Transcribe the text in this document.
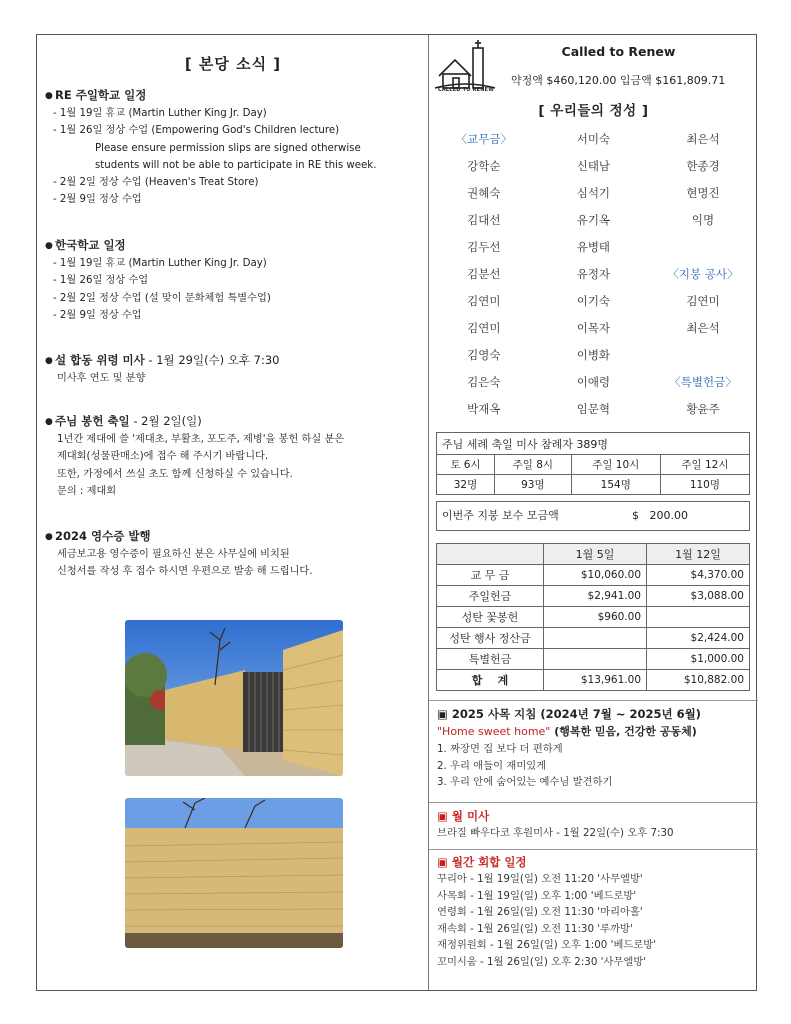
[ 본당 소식 ]
● RE 주일학교 일정
- 1월 19일 휴교 (Martin Luther King Jr. Day)
- 1월 26일 정상 수업 (Empowering God's Children lecture)
Please ensure permission slips are signed otherwise
students will not be able to participate in RE this week.
- 2월 2일 정상 수업 (Heaven's Treat Store)
- 2월 9일 정상 수업
● 한국학교 일정
- 1월 19일 휴교 (Martin Luther King Jr. Day)
- 1월 26일 정상 수업
- 2월 2일 정상 수업 (설 맞이 문화체험 특별수업)
- 2월 9일 정상 수업
● 설 합동 위령 미사 - 1월 29일(수) 오후 7:30
미사후 연도 및 분향
● 주님 봉헌 축일 - 2월 2일(일)
1년간 제대에 쓸 '제대초, 부활초, 포도주, 제병'을 봉헌 하실 분은
제대회(성물판매소)에 접수 해 주시기 바랍니다.
또한, 가정에서 쓰실 초도 함께 신청하실 수 있습니다.
문의 : 제대회
● 2024 영수증 발행
세금보고용 영수증이 필요하신 분은 사무실에 비치된
신청서를 작성 후 접수 하시면 우편으로 발송 해 드립니다.
CALLED TO RENEW
Called to Renew
약정액 $460,120.00 입금액 $161,809.71
[ 우리들의 정성 ]
〈교무금〉	서미숙	최은석
강학순	신태남	한종경
권혜숙	심석기	현명진
김대선	유기옥	익명
김두선	유병태
김분선	유정자	〈지붕 공사〉
김연미	이기숙	김연미
김연미	이목자	최은석
김영숙	이병화
김은숙	이애령	〈특별헌금〉
박재옥	임문혁	황윤주
주님 세례 축일 미사 참례자 389명			
토 6시	주일 8시	주일 10시	주일 12시
32명	93명	154명	110명
이번주 지붕 보수 모금액	$   200.00
	1월 5일	1월 12일
교 무 금	$10,060.00	$4,370.00
주일헌금	$2,941.00	$3,088.00
성탄 꽃봉헌	$960.00	
성탄 행사 정산금		$2,424.00
특별헌금		$1,000.00
합    계	$13,961.00	$10,882.00
▣ 2025 사목 지침 (2024년 7월 ~ 2025년 6월)
"Home sweet home" (행복한 믿음, 건강한 공동체)
1. 짜장면 집 보다 더 편하게
2. 우리 애들이 재미있게
3. 우리 안에 숨어있는 예수님 발견하기
▣ 월 미사
브라질 빠우다코 후원미사 - 1월 22일(수) 오후 7:30
▣ 월간 회합 일정
꾸리아 - 1월 19일(일) 오전 11:20 '사무엘방'
사목회 - 1월 19일(일) 오후 1:00 '베드로방'
연령회 - 1월 26일(일) 오전 11:30 '마리아홀'
재속회 - 1월 26일(일) 오전 11:30 '루까방'
재정위원회 - 1월 26일(일) 오후 1:00 '베드로방'
꼬미시움 - 1월 26일(일) 오후 2:30 '사무엘방'
